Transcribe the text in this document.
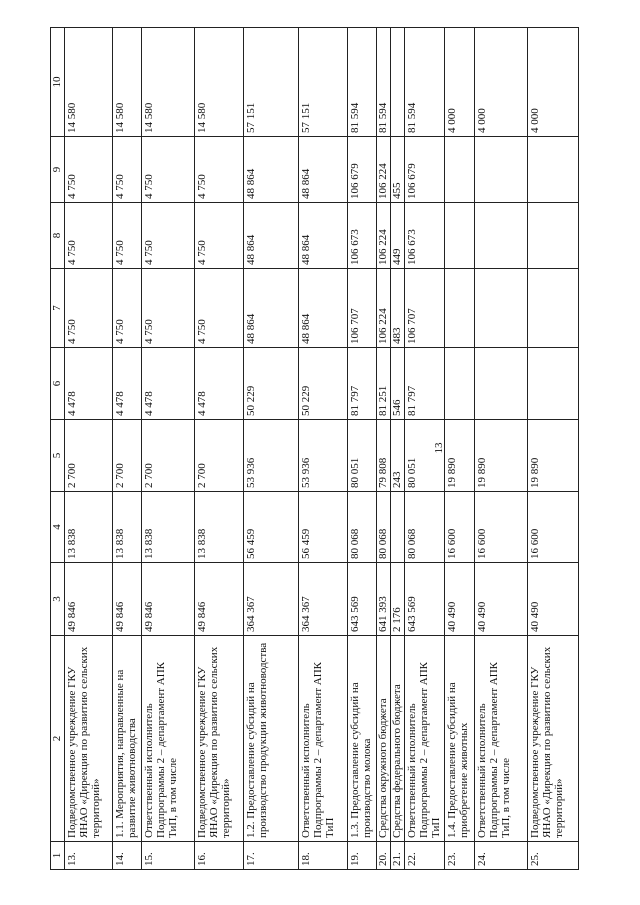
13
1	2	3	4	5	6	7	8	9	10
13.	Подведомственное учреждение ГКУ ЯНАО «Дирекция по развитию сельских территорий»	49 846	13 838	2 700	4 478	4 750	4 750	4 750	14 580
14.	1.1. Мероприятия, направленные на развитие животноводства	49 846	13 838	2 700	4 478	4 750	4 750	4 750	14 580
15.	Ответственный исполнитель Подпрограммы 2 – департамент АПК ТиП, в том числе	49 846	13 838	2 700	4 478	4 750	4 750	4 750	14 580
16.	Подведомственное учреждение ГКУ ЯНАО «Дирекция по развитию сельских территорий»	49 846	13 838	2 700	4 478	4 750	4 750	4 750	14 580
17.	1.2. Предоставление субсидий на производство продукции животноводства	364 367	56 459	53 936	50 229	48 864	48 864	48 864	57 151
18.	Ответственный исполнитель Подпрограммы 2 – департамент АПК ТиП	364 367	56 459	53 936	50 229	48 864	48 864	48 864	57 151
19.	1.3. Предоставление субсидий на производство молока	643 569	80 068	80 051	81 797	106 707	106 673	106 679	81 594
20.	Средства окружного бюджета	641 393	80 068	79 808	81 251	106 224	106 224	106 224	81 594
21.	Средства федерального бюджета	2 176		243	546	483	449	455	
22.	Ответственный исполнитель Подпрограммы 2 – департамент АПК ТиП	643 569	80 068	80 051	81 797	106 707	106 673	106 679	81 594
23.	1.4. Предоставление субсидий на приобретение животных	40 490	16 600	19 890					4 000
24.	Ответственный исполнитель Подпрограммы 2 – департамент АПК ТиП, в том числе	40 490	16 600	19 890					4 000
25.	Подведомственное учреждение ГКУ ЯНАО «Дирекция по развитию сельских территорий»	40 490	16 600	19 890					4 000
